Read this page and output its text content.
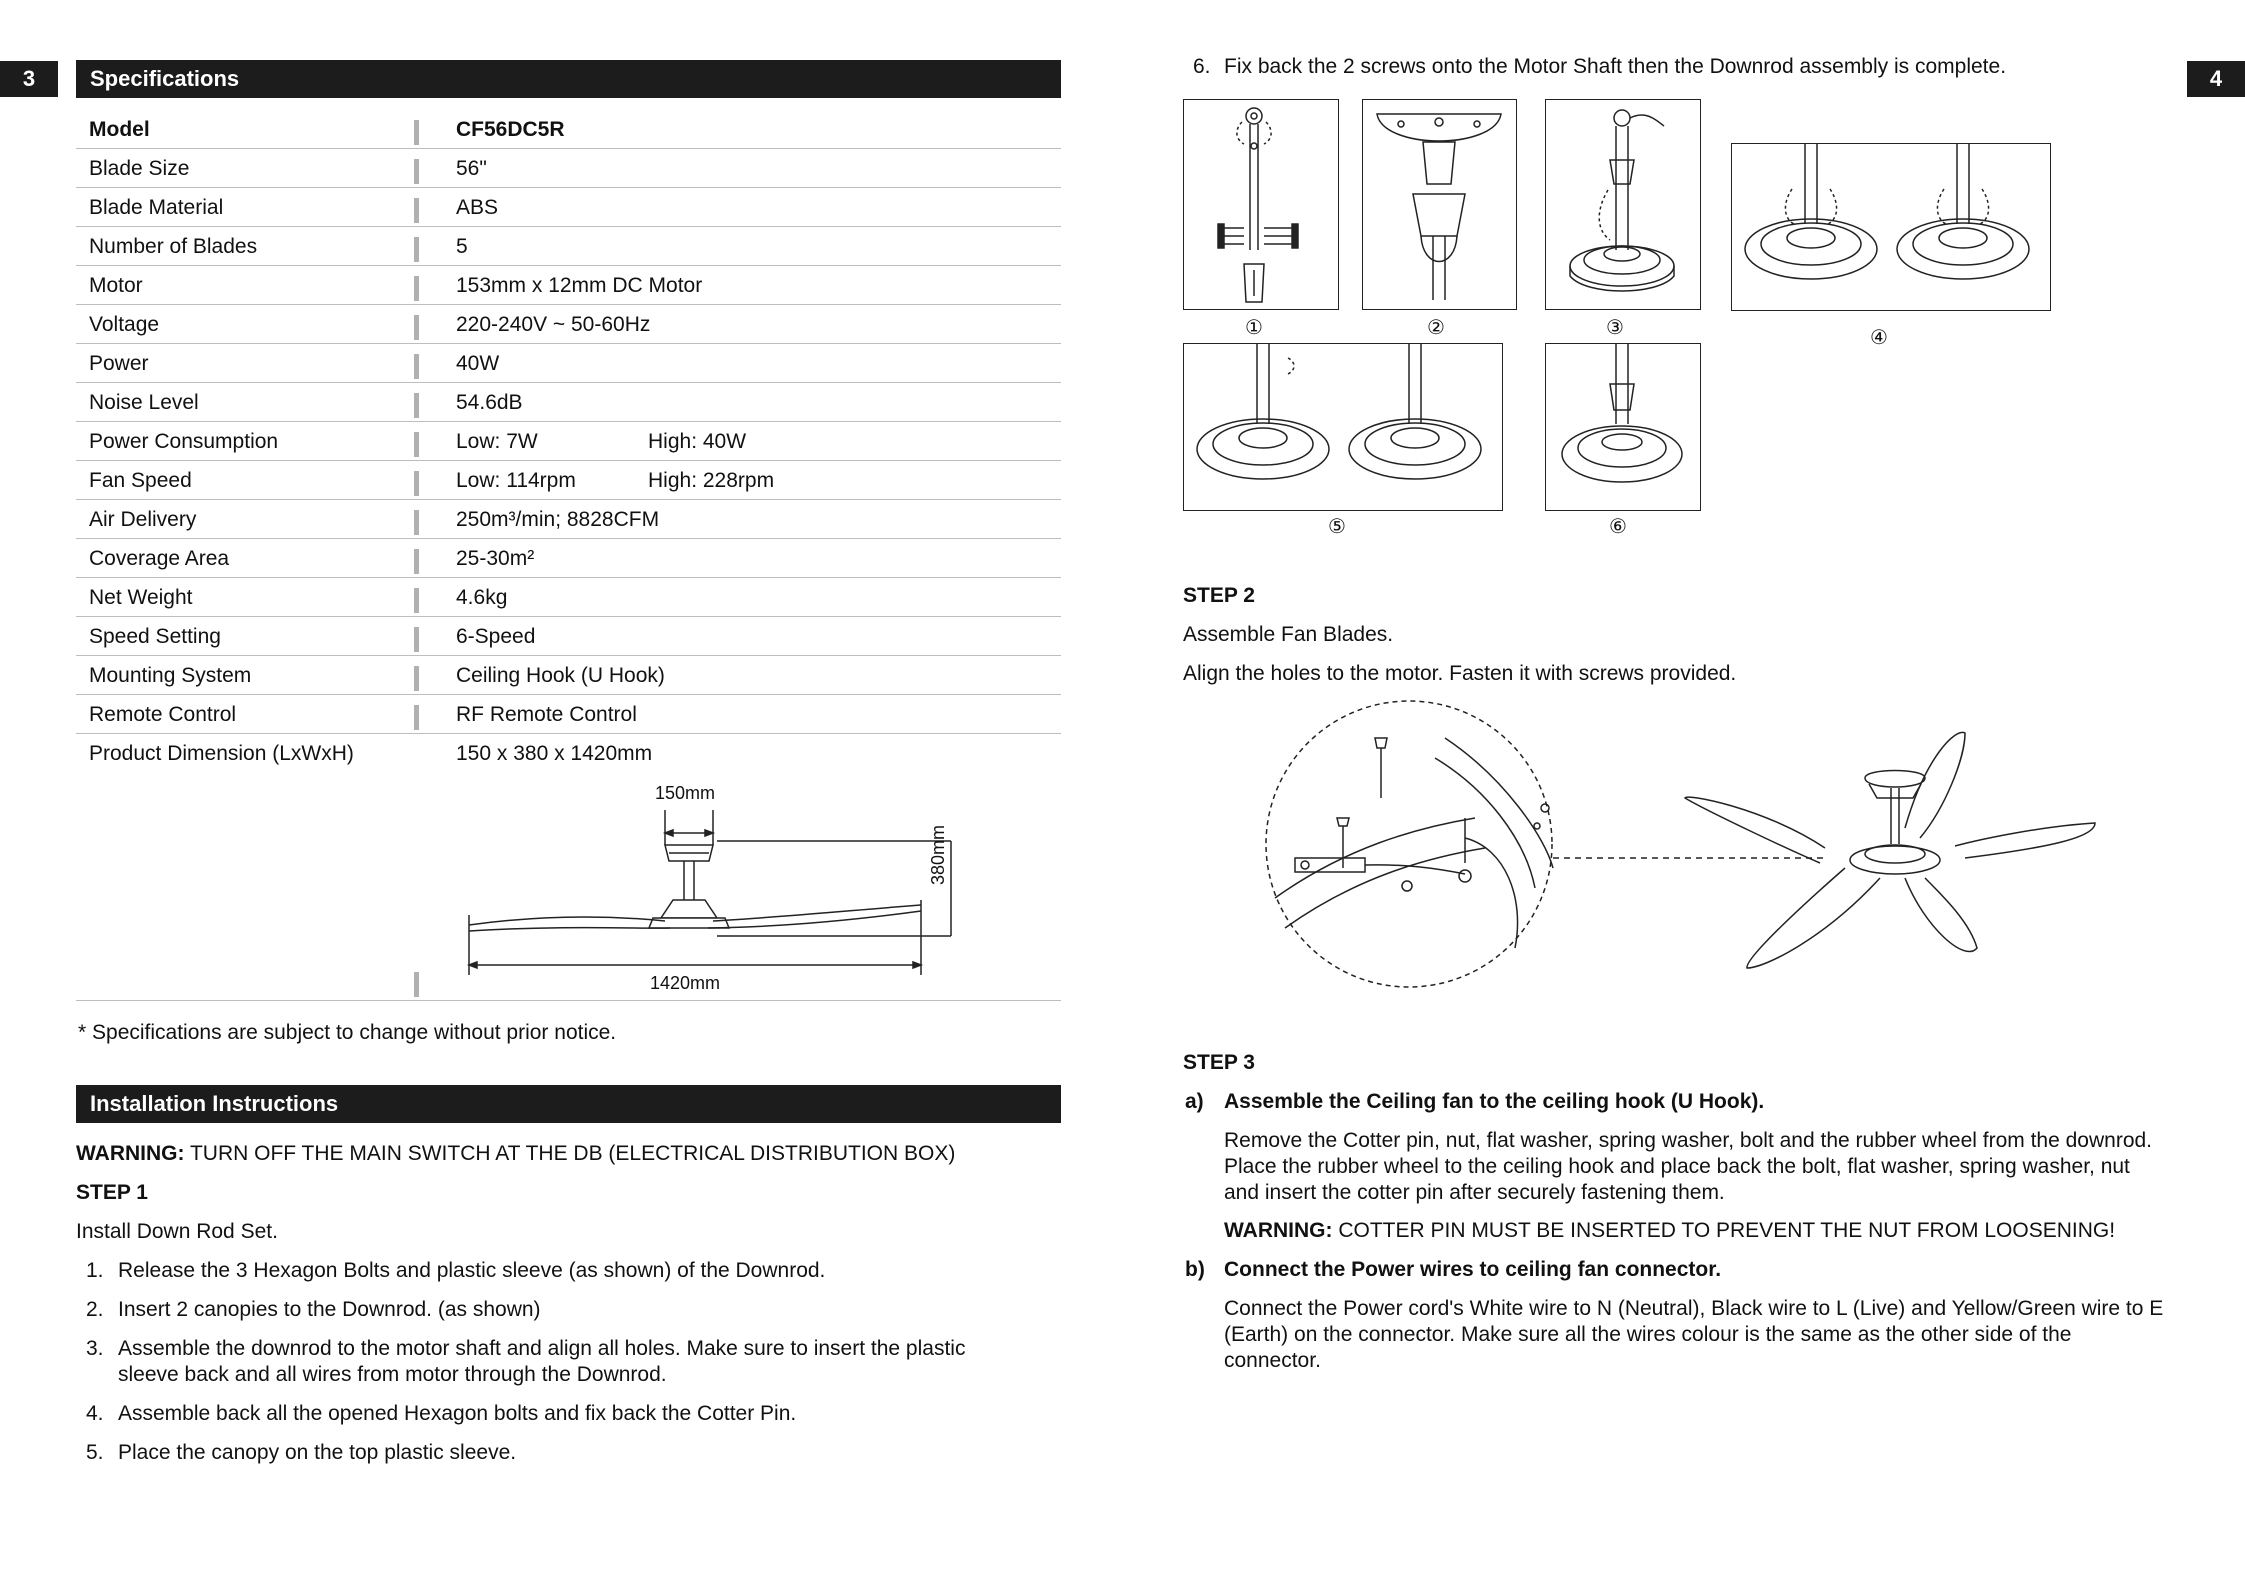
3	Specifications
Model	CF56DC5R
Blade Size	56"
Blade Material	ABS
Number of Blades	5
Motor	153mm x 12mm DC Motor
Voltage	220-240V ~ 50-60Hz
Power	40W
Noise Level	54.6dB
Power Consumption	Low: 7W	High: 40W
Fan Speed	Low: 114rpm	High: 228rpm
Air Delivery	250m³/min; 8828CFM
Coverage Area	25-30m²
Net Weight	4.6kg
Speed Setting	6-Speed
Mounting System	Ceiling Hook (U Hook)
Remote Control	RF Remote Control
Product Dimension (LxWxH)	150 x 380 x 1420mm
150mm
1420mm
380mm
* Specifications are subject to change without prior notice.
Installation Instructions
WARNING: TURN OFF THE MAIN SWITCH AT THE DB (ELECTRICAL DISTRIBUTION BOX)
STEP 1
Install Down Rod Set.
1. Release the 3 Hexagon Bolts and plastic sleeve (as shown) of the Downrod.
2. Insert 2 canopies to the Downrod. (as shown)
3. Assemble the downrod to the motor shaft and align all holes. Make sure to insert the plastic sleeve back and all wires from motor through the Downrod.
4. Assemble back all the opened Hexagon bolts and fix back the Cotter Pin.
5. Place the canopy on the top plastic sleeve.
4
6. Fix back the 2 screws onto the Motor Shaft then the Downrod assembly is complete.
①	②	③	④
⑤	⑥
STEP 2
Assemble Fan Blades.
Align the holes to the motor. Fasten it with screws provided.
STEP 3
a) Assemble the Ceiling fan to the ceiling hook (U Hook).
Remove the Cotter pin, nut, flat washer, spring washer, bolt and the rubber wheel from the downrod. Place the rubber wheel to the ceiling hook and place back the bolt, flat washer, spring washer, nut and insert the cotter pin after securely fastening them.
WARNING: COTTER PIN MUST BE INSERTED TO PREVENT THE NUT FROM LOOSENING!
b) Connect the Power wires to ceiling fan connector.
Connect the Power cord's White wire to N (Neutral), Black wire to L (Live) and Yellow/Green wire to E (Earth) on the connector. Make sure all the wires colour is the same as the other side of the connector.
